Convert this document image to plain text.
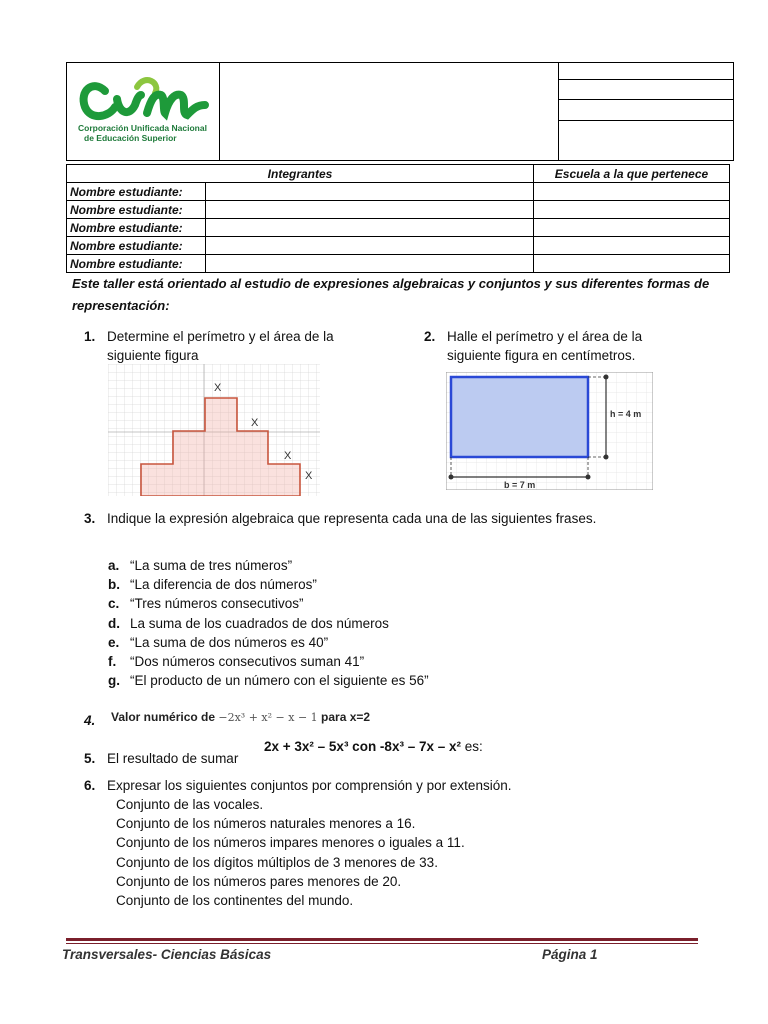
Corporación Unificada Nacional
de Educación Superior

Integrantes		Escuela a la que pertenece
Nombre estudiante:		
Nombre estudiante:		
Nombre estudiante:		
Nombre estudiante:		
Nombre estudiante:		
Este taller está orientado al estudio de expresiones algebraicas y conjuntos y sus diferentes formas de representación:
1. Determine el perímetro y el área de la siguiente figura
X
X
X
X
2. Halle el perímetro y el área de la siguiente figura en centímetros.
h = 4 m
b = 7 m
3. Indique la expresión algebraica que representa cada una de las siguientes frases.
a. “La suma de tres números”
b. “La diferencia de dos números”
c. “Tres números consecutivos”
d. La suma de los cuadrados de dos números
e. “La suma de dos números es 40”
f. “Dos números consecutivos suman 41”
g. “El producto de un número con el siguiente es 56”
4. Valor numérico de −2x³ + x² − x − 1 para x=2
5. El resultado de sumar
2x + 3x² – 5x³ con -8x³ – 7x – x² es:
6. Expresar los siguientes conjuntos por comprensión y por extensión.
Conjunto de las vocales.
Conjunto de los números naturales menores a 16.
Conjunto de los números impares menores o iguales a 11.
Conjunto de los dígitos múltiplos de 3 menores de 33.
Conjunto de los números pares menores de 20.
Conjunto de los continentes del mundo.
Transversales- Ciencias Básicas	Página 1
